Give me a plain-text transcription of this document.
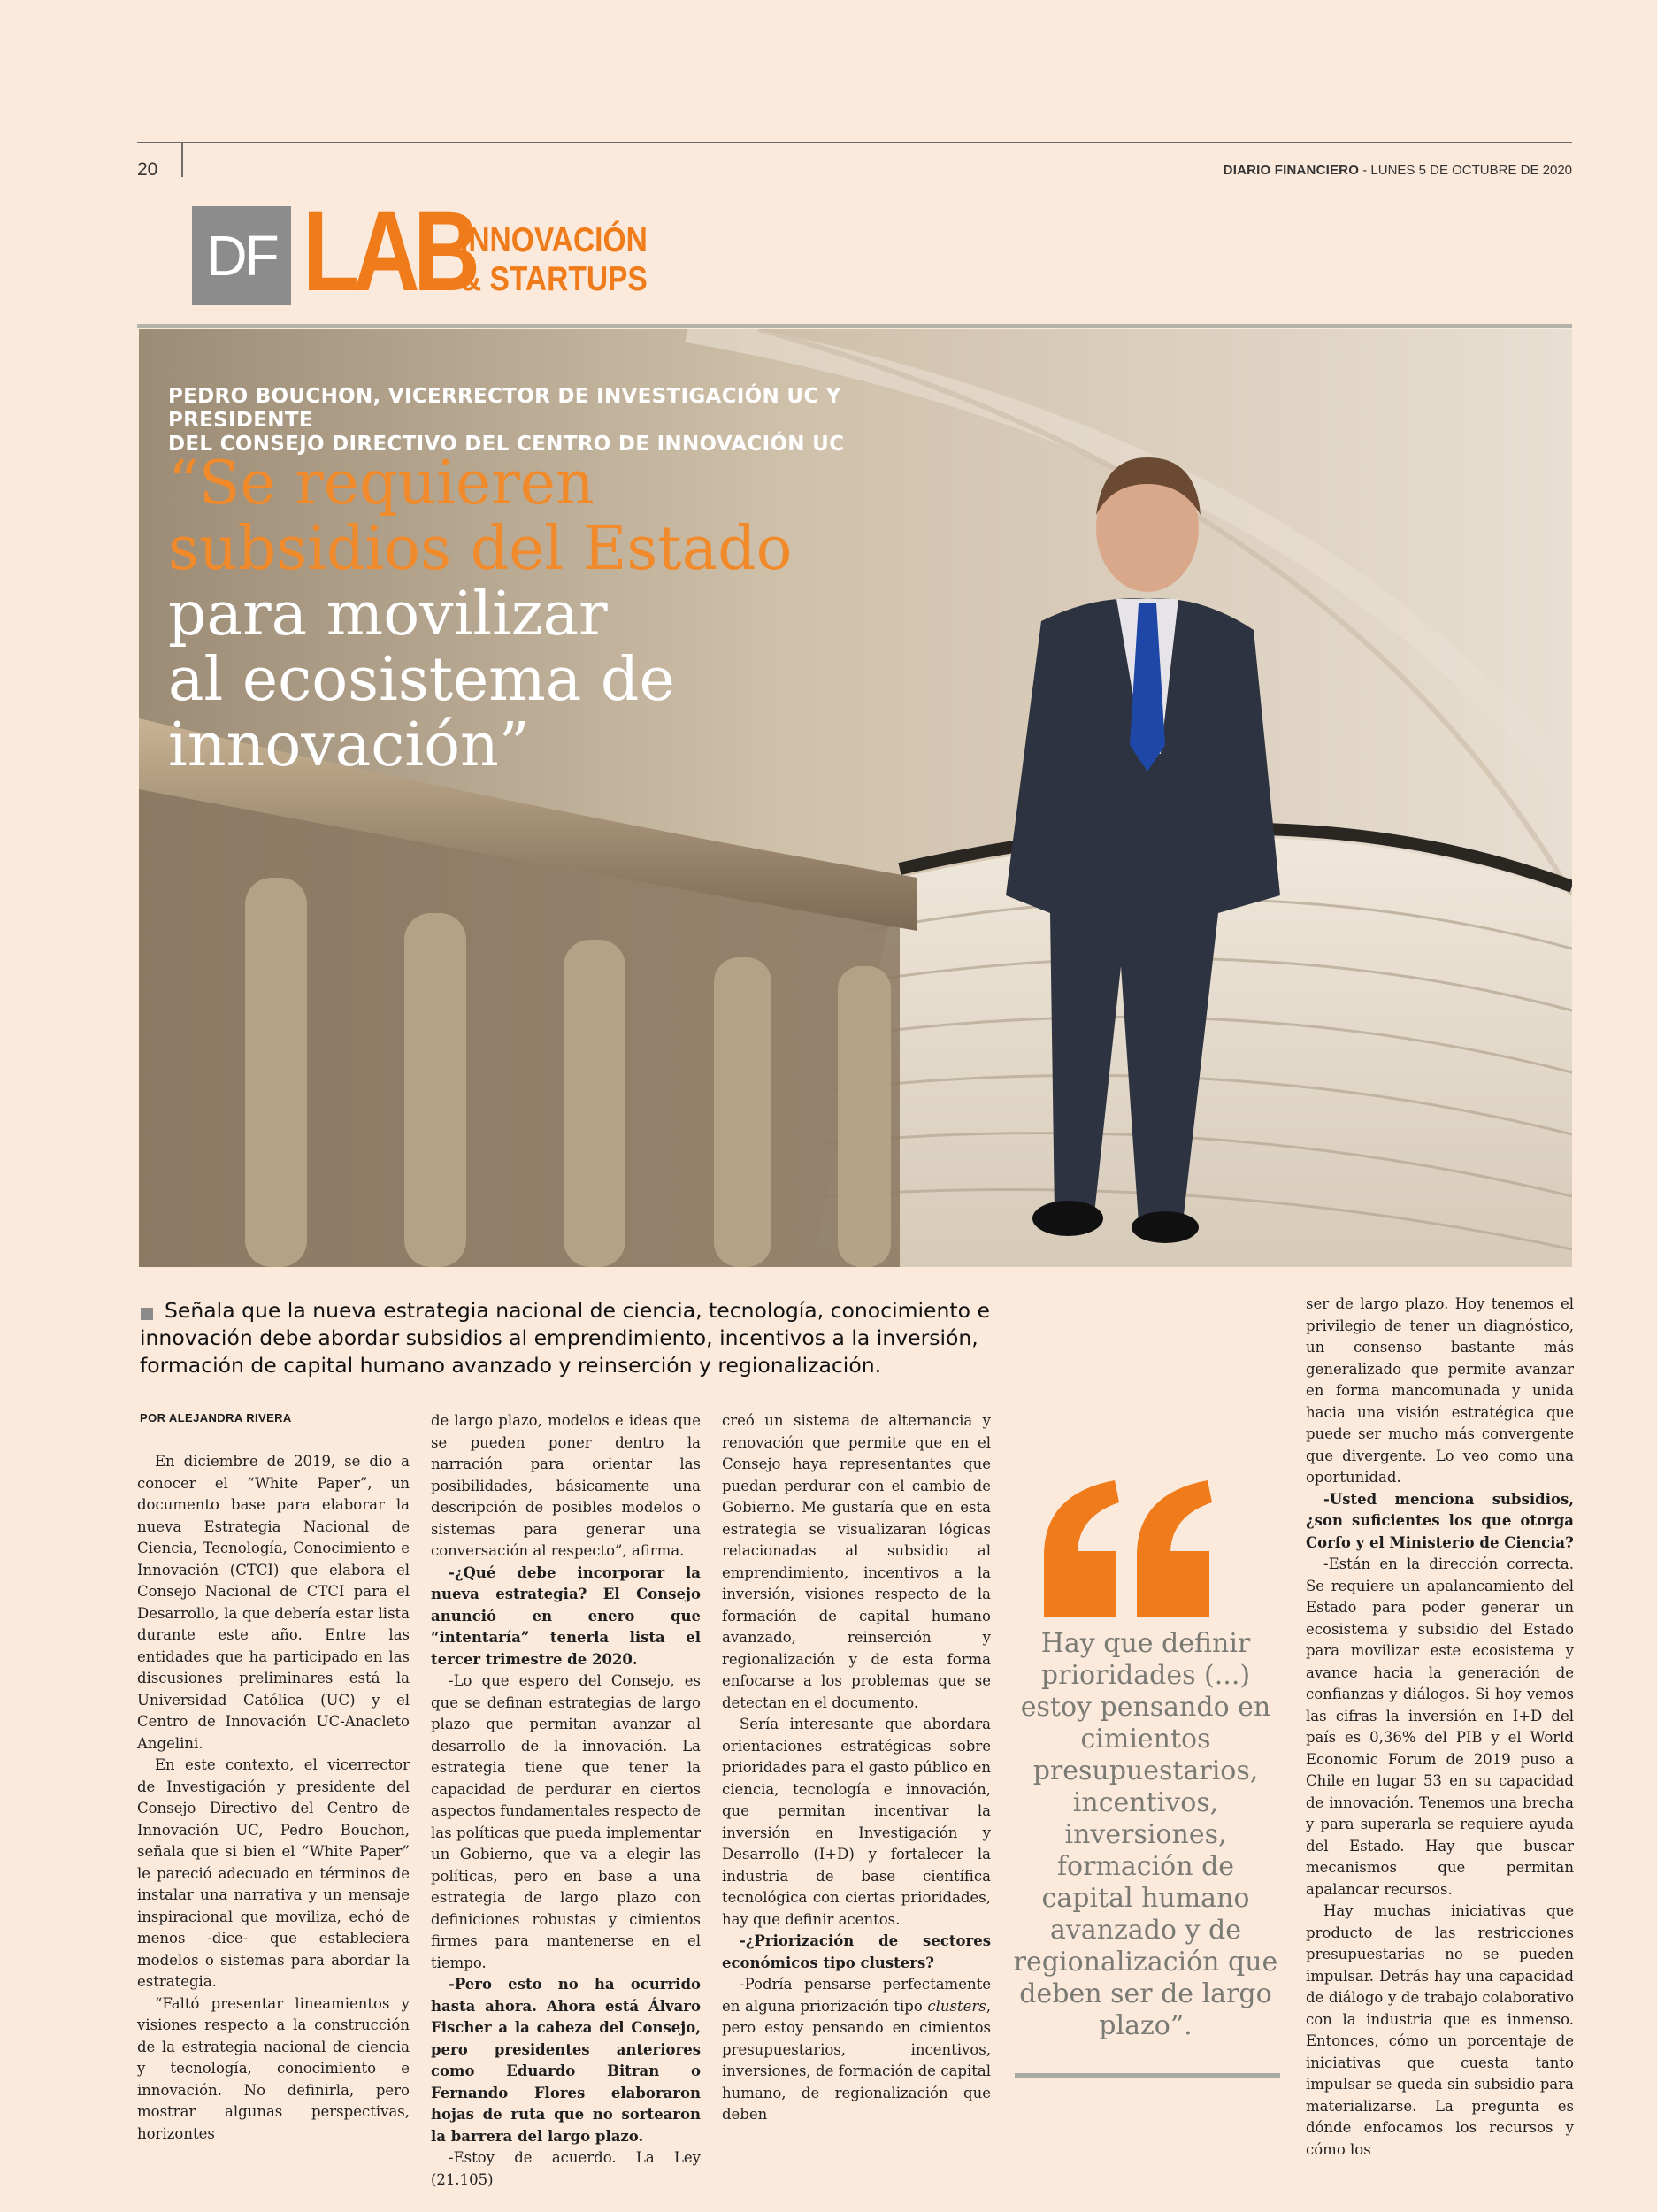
20	DIARIO FINANCIERO - LUNES 5 DE OCTUBRE DE 2020
DF LAB
INNOVACIÓN
& STARTUPS
PEDRO BOUCHON, VICERRECTOR DE INVESTIGACIÓN UC Y PRESIDENTE
DEL CONSEJO DIRECTIVO DEL CENTRO DE INNOVACIÓN UC
“Se requieren
subsidios del Estado
para movilizar
al ecosistema de
innovación”
Señala que la nueva estrategia nacional de ciencia, tecnología, conocimiento e innovación debe abordar subsidios al emprendimiento, incentivos a la inversión, formación de capital humano avanzado y reinserción y regionalización.
POR ALEJANDRA RIVERA

En diciembre de 2019, se dio a conocer el “White Paper”, un documento base para elaborar la nueva Estrategia Nacional de Ciencia, Tecnología, Conocimiento e Innovación (CTCI) que elabora el Consejo Nacional de CTCI para el Desarrollo, la que debería estar lista durante este año. Entre las entidades que ha participado en las discusiones preliminares está la Universidad Católica (UC) y el Centro de Innovación UC-Anacleto Angelini.

En este contexto, el vicerrector de Investigación y presidente del Consejo Directivo del Centro de Innovación UC, Pedro Bouchon, señala que si bien el “White Paper” le pareció adecuado en términos de instalar una narrativa y un mensaje inspiracional que moviliza, echó de menos -dice- que estableciera modelos o sistemas para abordar la estrategia.

“Faltó presentar lineamientos y visiones respecto a la construcción de la estrategia nacional de ciencia y tecnología, conocimiento e innovación. No definirla, pero mostrar algunas perspectivas, horizontes

de largo plazo, modelos e ideas que se pueden poner dentro la narración para orientar las posibilidades, básicamente una descripción de posibles modelos o sistemas para generar una conversación al respecto”, afirma.

-¿Qué debe incorporar la nueva estrategia? El Consejo anunció en enero que “intentaría” tenerla lista el tercer trimestre de 2020.

-Lo que espero del Consejo, es que se definan estrategias de largo plazo que permitan avanzar al desarrollo de la innovación. La estrategia tiene que tener la capacidad de perdurar en ciertos aspectos fundamentales respecto de las políticas que pueda implementar un Gobierno, que va a elegir las políticas, pero en base a una estrategia de largo plazo con definiciones robustas y cimientos firmes para mantenerse en el tiempo.

-Pero esto no ha ocurrido hasta ahora. Ahora está Álvaro Fischer a la cabeza del Consejo, pero presidentes anteriores como Eduardo Bitran o Fernando Flores elaboraron hojas de ruta que no sortearon la barrera del largo plazo.

-Estoy de acuerdo. La Ley (21.105)

creó un sistema de alternancia y renovación que permite que en el Consejo haya representantes que puedan perdurar con el cambio de Gobierno. Me gustaría que en esta estrategia se visualizaran lógicas relacionadas al subsidio al emprendimiento, incentivos a la inversión, visiones respecto de la formación de capital humano avanzado, reinserción y regionalización y de esta forma enfocarse a los problemas que se detectan en el documento.

Sería interesante que abordara orientaciones estratégicas sobre prioridades para el gasto público en ciencia, tecnología e innovación, que permitan incentivar la inversión en Investigación y Desarrollo (I+D) y fortalecer la industria de base científica tecnológica con ciertas prioridades, hay que definir acentos.

-¿Priorización de sectores económicos tipo clusters?

-Podría pensarse perfectamente en alguna priorización tipo clusters, pero estoy pensando en cimientos presupuestarios, incentivos, inversiones, de formación de capital humano, de regionalización que deben

Hay que definir prioridades (...) estoy pensando en cimientos presupuestarios, incentivos, inversiones, formación de capital humano avanzado y de regionalización que deben ser de largo plazo”.

ser de largo plazo. Hoy tenemos el privilegio de tener un diagnóstico, un consenso bastante más generalizado que permite avanzar en forma mancomunada y unida hacia una visión estratégica que puede ser mucho más convergente que divergente. Lo veo como una oportunidad.

-Usted menciona subsidios, ¿son suficientes los que otorga Corfo y el Ministerio de Ciencia?

-Están en la dirección correcta. Se requiere un apalancamiento del Estado para poder generar un ecosistema y subsidio del Estado para movilizar este ecosistema y avance hacia la generación de confianzas y diálogos. Si hoy vemos las cifras la inversión en I+D del país es 0,36% del PIB y el World Economic Forum de 2019 puso a Chile en lugar 53 en su capacidad de innovación. Tenemos una brecha y para superarla se requiere ayuda del Estado. Hay que buscar mecanismos que permitan apalancar recursos.

Hay muchas iniciativas que producto de las restricciones presupuestarias no se pueden impulsar. Detrás hay una capacidad de diálogo y de trabajo colaborativo con la industria que es inmenso. Entonces, cómo un porcentaje de iniciativas que cuesta tanto impulsar se queda sin subsidio para materializarse. La pregunta es dónde enfocamos los recursos y cómo los
